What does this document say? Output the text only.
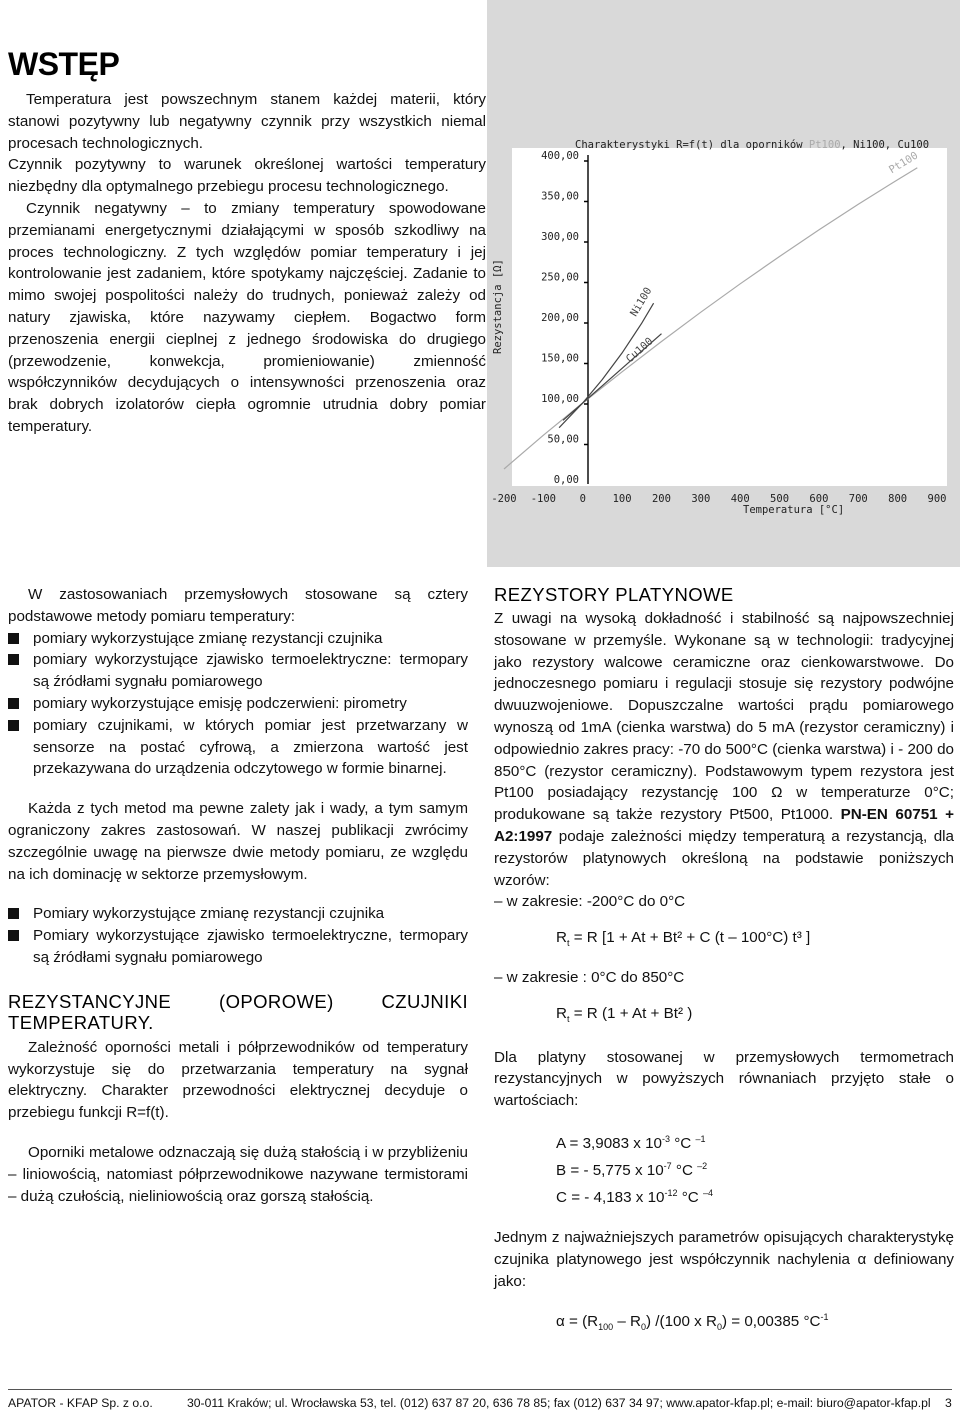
WSTĘP

Temperatura jest powszechnym stanem każdej materii, który stanowi pozytywny lub negatywny czynnik przy wszystkich niemal procesach technologicznych.

Czynnik pozytywny to warunek określonej wartości temperatury niezbędny dla optymalnego przebiegu procesu technologicznego.

Czynnik negatywny – to zmiany temperatury spowodowane przemianami energetycznymi działającymi w sposób szkodliwy na proces technologiczny. Z tych względów pomiar temperatury i jej kontrolowanie jest zadaniem, które spotykamy najczęściej. Zadanie to mimo swojej pospolitości należy do trudnych, ponieważ zależy od natury zjawiska, które nazywamy ciepłem. Bogactwo form przenoszenia energii cieplnej z jednego środowiska do drugiego (przewodzenie, konwekcja, promieniowanie) zmienność współczynników decydujących o intensywności przenoszenia oraz brak dobrych izolatorów ciepła ogromnie utrudnia dobry pomiar temperatury.

Charakterystyki R=f(t) dla oporników Pt100, Ni100, Cu100
Rezystancja [Ω]
Temperatura [°C]
0,00
50,00
100,00
150,00
200,00
250,00
300,00
350,00
400,00
-200 -100 0	100 200 300 400 500 600 700 800 900
Pt100
Ni100
Cu100

W zastosowaniach przemysłowych stosowane są cztery podstawowe metody pomiaru temperatury:

pomiary wykorzystujące zmianę rezystancji czujnika
pomiary wykorzystujące zjawisko termoelektryczne: termopary są źródłami sygnału pomiarowego
pomiary wykorzystujące emisję podczerwieni: pirometry
pomiary czujnikami, w których pomiar jest przetwarzany w sensorze na postać cyfrową, a zmierzona wartość jest przekazywana do urządzenia odczytowego w formie binarnej.

Każda z tych metod ma pewne zalety jak i wady, a tym samym ograniczony zakres zastosowań. W naszej publikacji zwrócimy szczególnie uwagę na pierwsze dwie metody pomiaru, ze względu na ich dominację w sektorze przemysłowym.

Pomiary wykorzystujące zmianę rezystancji czujnika
Pomiary wykorzystujące zjawisko termoelektryczne, termopary są źródłami sygnału pomiarowego
REZYSTANCYJNE (OPOROWE) CZUJNIKI TEMPERATURY.

Zależność oporności metali i półprzewodników od temperatury wykorzystuje się do przetwarzania temperatury na sygnał elektryczny. Charakter przewodności elektrycznej decyduje o przebiegu funkcji R=f(t).

Oporniki metalowe odznaczają się dużą stałością i w przybliżeniu – liniowością, natomiast półprzewodnikowe nazywane termistorami – dużą czułością, nieliniowością oraz gorszą stałością.

REZYSTORY PLATYNOWE

Z uwagi na wysoką dokładność i stabilność są najpowszechniej stosowane w przemyśle. Wykonane są w technologii: tradycyjnej jako rezystory walcowe ceramiczne oraz cienkowarstwowe. Do jednoczesnego pomiaru i regulacji stosuje się rezystory podwójne dwuuzwojeniowe. Dopuszczalne wartości prądu pomiarowego wynoszą od 1mA (cienka warstwa) do 5 mA (rezystor ceramiczny) i odpowiednio zakres pracy: -70 do 500°C (cienka warstwa) i - 200 do 850°C (rezystor ceramiczny). Podstawowym typem rezystora jest Pt100 posiadający rezystancję 100 Ω w temperaturze 0°C; produkowane są także rezystory Pt500, Pt1000. PN-EN 60751 + A2:1997 podaje zależności między temperaturą a rezystancją, dla rezystorów platynowych określoną na podstawie poniższych wzorów:

– w zakresie: -200°C do 0°C

$R_t = R$ [1 + At + Bt² + C (t – 100°C) t³ ]

– w zakresie : 0°C do 850°C

$R_t = R$ (1 + At + Bt² )

Dla platyny stosowanej w przemysłowych termometrach rezystancyjnych w powyższych równaniach przyjęto stałe o wartościach:

A = 3,9083 x $10^{-3}$ °C $^{-1}$

B = - 5,775 x $10^{-7}$ °C $^{-2}$

C = - 4,183 x $10^{-12}$ °C $^{-4}$

Jednym z najważniejszych parametrów opisujących charakterystykę czujnika platynowego jest współczynnik nachylenia α definiowany jako:

$\alpha = (R_{100} - R_0)$ /(100 x $R_0) = 0,00385$ $^\circ C^{-1}$

APATOR - KFAP Sp. z o.o.	30-011 Kraków; ul. Wrocławska 53, tel. (012) 637 87 20, 636 78 85; fax (012) 637 34 97; www.apator-kfap.pl; e-mail: biuro@apator-kfap.pl 3
